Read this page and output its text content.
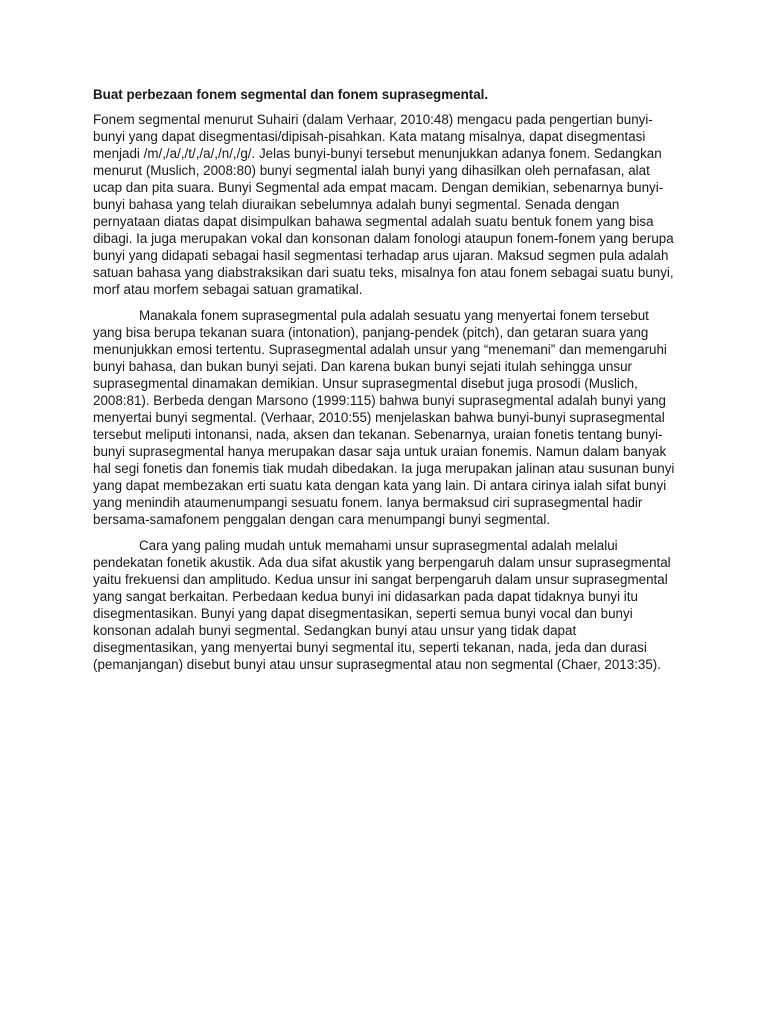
Buat perbezaan fonem segmental dan fonem suprasegmental.

Fonem segmental menurut Suhairi (dalam Verhaar, 2010:48) mengacu pada pengertian bunyi-bunyi yang dapat disegmentasi/dipisah-pisahkan. Kata matang misalnya, dapat disegmentasi menjadi /m/,/a/,/t/,/a/,/n/,/g/. Jelas bunyi-bunyi tersebut menunjukkan adanya fonem. Sedangkan menurut (Muslich, 2008:80) bunyi segmental ialah bunyi yang dihasilkan oleh pernafasan, alat ucap dan pita suara. Bunyi Segmental ada empat macam. Dengan demikian, sebenarnya bunyi-bunyi bahasa yang telah diuraikan sebelumnya adalah bunyi segmental. Senada dengan pernyataan diatas dapat disimpulkan bahawa segmental adalah suatu bentuk fonem yang bisa dibagi. Ia juga merupakan vokal dan konsonan dalam fonologi ataupun fonem-fonem yang berupa bunyi yang didapati sebagai hasil segmentasi terhadap arus ujaran. Maksud segmen pula adalah satuan bahasa yang diabstraksikan dari suatu teks, misalnya fon atau fonem sebagai suatu bunyi, morf atau morfem sebagai satuan gramatikal.

Manakala fonem suprasegmental pula adalah sesuatu yang menyertai fonem tersebut yang bisa berupa tekanan suara (intonation), panjang-pendek (pitch), dan getaran suara yang menunjukkan emosi tertentu. Suprasegmental adalah unsur yang “menemani” dan memengaruhi bunyi bahasa, dan bukan bunyi sejati. Dan karena bukan bunyi sejati itulah sehingga unsur suprasegmental dinamakan demikian. Unsur suprasegmental disebut juga prosodi (Muslich, 2008:81). Berbeda dengan Marsono (1999:115) bahwa bunyi suprasegmental adalah bunyi yang menyertai bunyi segmental. (Verhaar, 2010:55) menjelaskan bahwa bunyi-bunyi suprasegmental tersebut meliputi intonansi, nada, aksen dan tekanan. Sebenarnya, uraian fonetis tentang bunyi-bunyi suprasegmental hanya merupakan dasar saja untuk uraian fonemis. Namun dalam banyak hal segi fonetis dan fonemis tiak mudah dibedakan. Ia juga merupakan jalinan atau susunan bunyi yang dapat membezakan erti suatu kata dengan kata yang lain. Di antara cirinya ialah sifat bunyi yang menindih ataumenumpangi sesuatu fonem. Ianya bermaksud ciri suprasegmental hadir bersama-samafonem penggalan dengan cara menumpangi bunyi segmental.

Cara yang paling mudah untuk memahami unsur suprasegmental adalah melalui pendekatan fonetik akustik. Ada dua sifat akustik yang berpengaruh dalam unsur suprasegmental yaitu frekuensi dan amplitudo. Kedua unsur ini sangat berpengaruh dalam unsur suprasegmental yang sangat berkaitan. Perbedaan kedua bunyi ini didasarkan pada dapat tidaknya bunyi itu disegmentasikan. Bunyi yang dapat disegmentasikan, seperti semua bunyi vocal dan bunyi konsonan adalah bunyi segmental. Sedangkan bunyi atau unsur yang tidak dapat disegmentasikan, yang menyertai bunyi segmental itu, seperti tekanan, nada, jeda dan durasi (pemanjangan) disebut bunyi atau unsur suprasegmental atau non segmental (Chaer, 2013:35).
